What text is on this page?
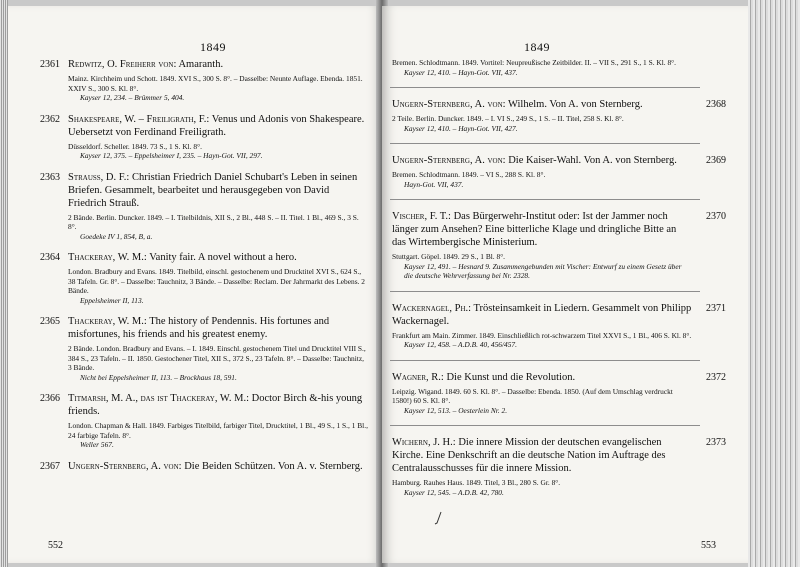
1849
2361 Redwitz, O. Freiherr von: Amaranth.

Mainz. Kirchheim und Schott. 1849. XVI S., 300 S. 8°. – Dasselbe: Neunte Auflage. Ebenda. 1851. XXIV S., 300 S. Kl. 8°.

Kayser 12, 234. – Brümmer 5, 404.

2362 Shakespeare, W. – Freiligrath, F.: Venus und Adonis von Shakespeare. Uebersetzt von Ferdinand Freiligrath.

Düsseldorf. Scheller. 1849. 73 S., 1 S. Kl. 8°.

Kayser 12, 375. – Eppelsheimer I, 235. – Hayn-Got. VII, 297.

2363 Strauss, D. F.: Christian Friedrich Daniel Schubart's Leben in seinen Briefen. Gesammelt, bearbeitet und herausgegeben von David Friedrich Strauß.

2 Bände. Berlin. Duncker. 1849. – I. Titelbildnis, XII S., 2 Bl., 448 S. – II. Titel. 1 Bl., 469 S., 3 S. 8°.

Goedeke IV 1, 854, B, a.

2364 Thackeray, W. M.: Vanity fair. A novel without a hero.

London. Bradbury and Evans. 1849. Titelbild, einschl. gestochenem und Drucktitel XVI S., 624 S., 38 Tafeln. Gr. 8°. – Dasselbe: Tauchnitz, 3 Bände. – Dasselbe: Reclam. Der Jahrmarkt des Lebens. 2 Bände.

Eppelsheimer II, 113.

2365 Thackeray, W. M.: The history of Pendennis. His fortunes and misfortunes, his friends and his greatest enemy.

2 Bände. London. Bradbury and Evans. – I. 1849. Einschl. gestochenem Titel und Drucktitel VIII S., 384 S., 23 Tafeln. – II. 1850. Gestochener Titel, XII S., 372 S., 23 Tafeln. 8°. – Dasselbe: Tauchnitz, 3 Bände.

Nicht bei Eppelsheimer II, 113. – Brockhaus 18, 591.

2366 Titmarsh, M. A., das ist Thackeray, W. M.: Doctor Birch &-his young friends.

London. Chapman & Hall. 1849. Farbiges Titelbild, farbiger Titel, Drucktitel, 1 Bl., 49 S., 1 S., 1 Bl., 24 farbige Tafeln. 8°.

Weller 567.

2367 Ungern-Sternberg, A. von: Die Beiden Schützen. Von A. v. Sternberg.

552
1849

Bremen. Schlodtmann. 1849. Vortitel: Neupreußische Zeitbilder. II. – VII S., 291 S., 1 S. Kl. 8°.

Kayser 12, 410. – Hayn-Got. VII, 437.

2368

Ungern-Sternberg, A. von: Wilhelm. Von A. von Sternberg.

2 Teile. Berlin. Duncker. 1849. – I. VI S., 249 S., 1 S. – II. Titel, 258 S. Kl. 8°.

Kayser 12, 410. – Hayn-Got. VII, 427.

2369

Ungern-Sternberg, A. von: Die Kaiser-Wahl. Von A. von Sternberg.

Bremen. Schlodtmann. 1849. – VI S., 288 S. Kl. 8°.

Hayn-Got. VII, 437.

2370

Vischer, F. T.: Das Bürgerwehr-Institut oder: Ist der Jammer noch länger zum Ansehen? Eine bitterliche Klage und dringliche Bitte an das Wirtembergische Ministerium.

Stuttgart. Göpel. 1849. 29 S., 1 Bl. 8°.

Kayser 12, 491. – Hesnard 9. Zusammengebunden mit Vischer: Entwurf zu einem Gesetz über die deutsche Wehrverfassung bei Nr. 2328.

2371

Wackernagel, Ph.: Trösteinsamkeit in Liedern. Gesammelt von Philipp Wackernagel.

Frankfurt am Main. Zimmer. 1849. Einschließlich rot-schwarzem Titel XXVI S., 1 Bl., 406 S. Kl. 8°.

Kayser 12, 458. – A.D.B. 40, 456/457.

2372

Wagner, R.: Die Kunst und die Revolution.

Leipzig. Wigand. 1849. 60 S. Kl. 8°. – Dasselbe: Ebenda. 1850. (Auf dem Umschlag verdruckt 1580!) 60 S. Kl. 8°.

Kayser 12, 513. – Oesterlein Nr. 2.

2373

Wichern, J. H.: Die innere Mission der deutschen evangelischen Kirche. Eine Denkschrift an die deutsche Nation im Auftrage des Centralausschusses für die innere Mission.

Hamburg. Rauhes Haus. 1849. Titel, 3 Bl., 280 S. Gr. 8°.

Kayser 12, 545. – A.D.B. 42, 780.

553
